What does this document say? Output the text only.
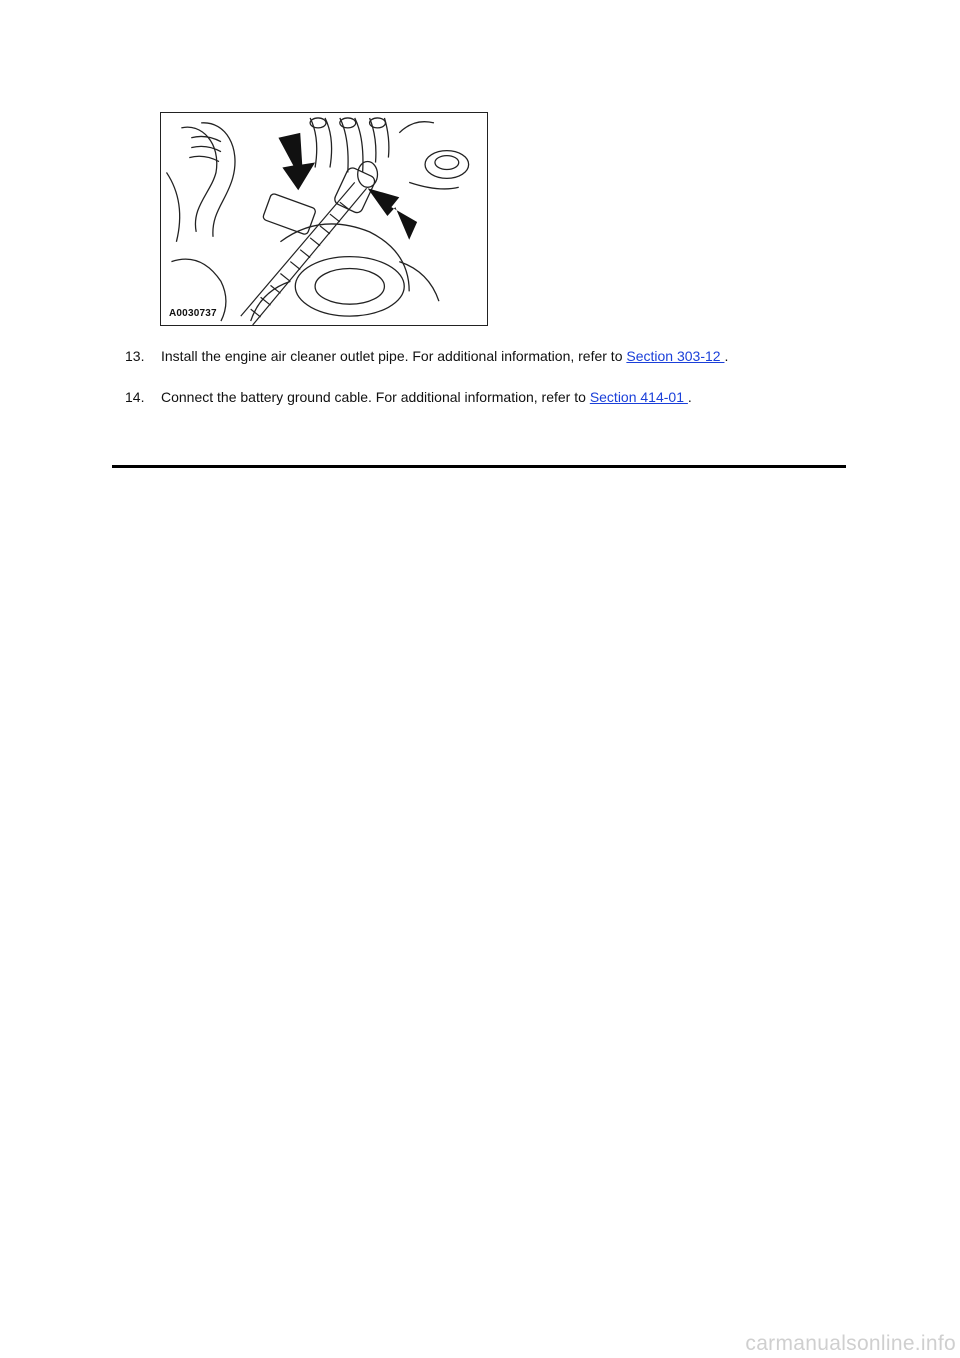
A0030737
13. Install the engine air cleaner outlet pipe. For additional information, refer to Section 303-12 .
14. Connect the battery ground cable. For additional information, refer to Section 414-01 .
carmanualsonline.info
